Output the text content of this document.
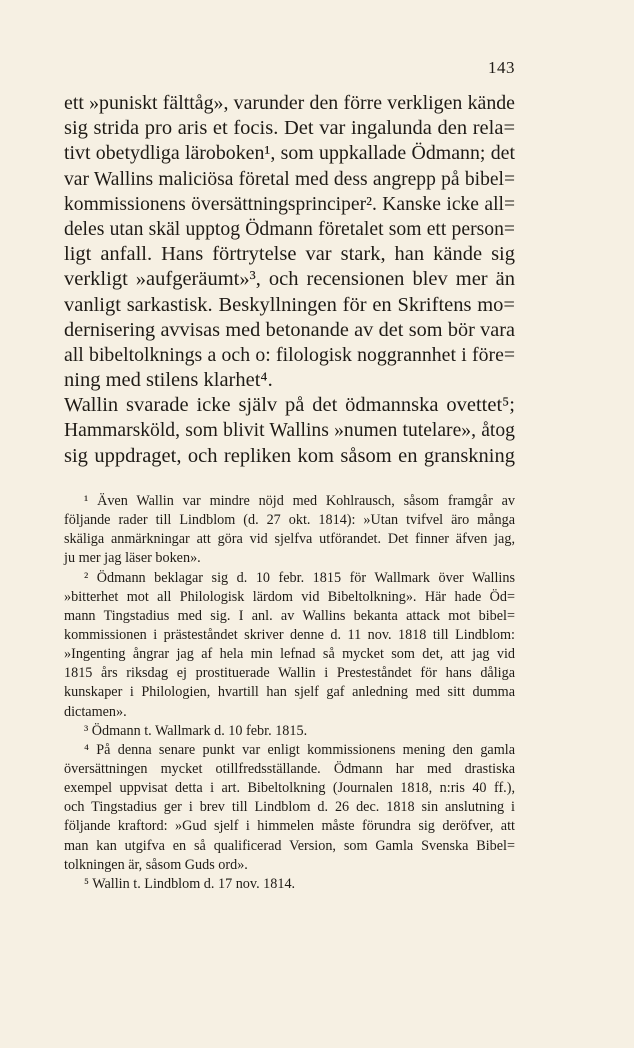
143
ett »puniskt fälttåg», varunder den förre verkligen kände
sig strida pro aris et focis. Det var ingalunda den rela=
tivt obetydliga läroboken¹, som uppkallade Ödmann; det
var Wallins maliciösa företal med dess angrepp på bibel=
kommissionens översättningsprinciper². Kanske icke all=
deles utan skäl upptog Ödmann företalet som ett person=
ligt anfall. Hans förtrytelse var stark, han kände sig
verkligt »aufgeräumt»³, och recensionen blev mer än
vanligt sarkastisk. Beskyllningen för en Skriftens mo=
dernisering avvisas med betonande av det som bör vara
all bibeltolknings a och o: filologisk noggrannhet i före=
ning med stilens klarhet⁴.
Wallin svarade icke själv på det ödmannska ovettet⁵;
Hammarsköld, som blivit Wallins »numen tutelare», åtog
sig uppdraget, och repliken kom såsom en granskning
¹ Även Wallin var mindre nöjd med Kohlrausch, såsom framgår av
följande rader till Lindblom (d. 27 okt. 1814): »Utan tvifvel äro många
skäliga anmärkningar att göra vid sjelfva utförandet. Det finner äfven jag,
ju mer jag läser boken».
² Ödmann beklagar sig d. 10 febr. 1815 för Wallmark över Wallins
»bitterhet mot all Philologisk lärdom vid Bibeltolkning». Här hade Öd=
mann Tingstadius med sig. I anl. av Wallins bekanta attack mot bibel=
kommissionen i prästeståndet skriver denne d. 11 nov. 1818 till Lindblom:
»Ingenting ångrar jag af hela min lefnad så mycket som det, att jag vid
1815 års riksdag ej prostituerade Wallin i Presteståndet för hans dåliga
kunskaper i Philologien, hvartill han sjelf gaf anledning med sitt dumma
dictamen».
³ Ödmann t. Wallmark d. 10 febr. 1815.
⁴ På denna senare punkt var enligt kommissionens mening den gamla
översättningen mycket otillfredsställande. Ödmann har med drastiska
exempel uppvisat detta i art. Bibeltolkning (Journalen 1818, n:ris 40 ff.),
och Tingstadius ger i brev till Lindblom d. 26 dec. 1818 sin anslutning i
följande kraftord: »Gud sjelf i himmelen måste förundra sig deröfver, att
man kan utgifva en så qualificerad Version, som Gamla Svenska Bibel=
tolkningen är, såsom Guds ord».
⁵ Wallin t. Lindblom d. 17 nov. 1814.
